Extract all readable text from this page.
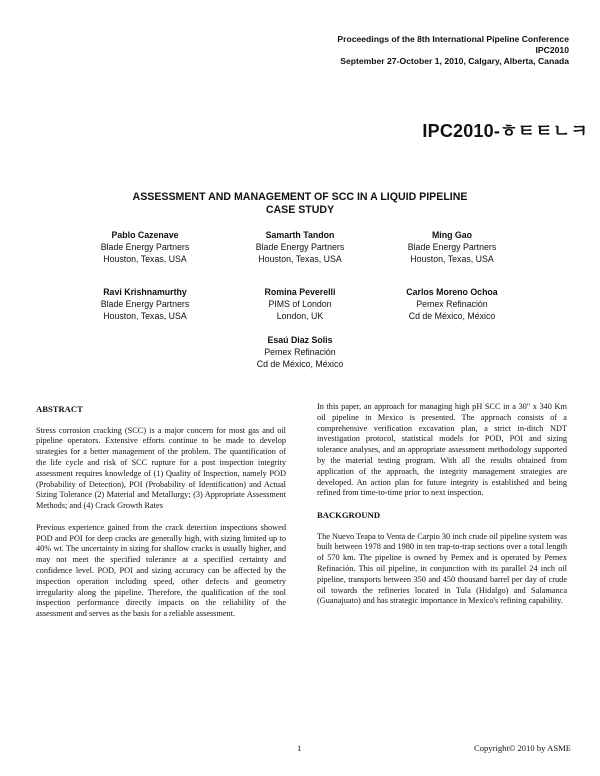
Proceedings of the 8th International Pipeline Conference
IPC2010
September 27-October 1, 2010, Calgary, Alberta, Canada
IPC2010-ㅎㅌㅌㄴㅋ
ASSESSMENT AND MANAGEMENT OF SCC IN A LIQUID PIPELINE
CASE STUDY
Pablo Cazenave
Blade Energy Partners
Houston, Texas, USA
Samarth Tandon
Blade Energy Partners
Houston, Texas, USA
Ming Gao
Blade Energy Partners
Houston, Texas, USA
Ravi Krishnamurthy
Blade Energy Partners
Houston, Texas, USA
Romina Peverelli
PIMS of London
London, UK
Carlos Moreno Ochoa
Pemex Refinación
Cd de México, México
Esaú Diaz Solis
Pemex Refinación
Cd de México, México
ABSTRACT

Stress corrosion cracking (SCC) is a major concern for most gas and oil pipeline operators. Extensive efforts continue to be made to develop strategies for a better management of the problem. The quantification of the life cycle and risk of SCC rupture for a post inspection integrity assessment requires knowledge of (1) Quality of Inspection, namely POD (Probability of Detection), POI (Probability of Identification) and Actual Sizing Tolerance (2) Material and Metallurgy; (3) Appropriate Assessment Methods; and (4) Crack Growth Rates

Previous experience gained from the crack detection inspections showed POD and POI for deep cracks are generally high, with sizing limited up to 40% wt. The uncertainty in sizing for shallow cracks is usually higher, and may not meet the specified tolerance at a specified certainty and confidence level. POD, POI and sizing accuracy can be affected by the inspection operation including speed, other defects and geometry irregularity along the pipeline. Therefore, the qualification of the tool inspection performance directly impacts on the reliability of the assessment and serves as the basis for a reliable assessment.

In this paper, an approach for managing high pH SCC in a 30" x 340 Km oil pipeline in Mexico is presented. The approach consists of a comprehensive verification excavation plan, a strict in-ditch NDT investigation protocol, statistical models for POD, POI and sizing tolerance analyses, and an appropriate assessment methodology supported by the material testing program. With all the results obtained from application of the approach, the integrity management strategies are developed. An action plan for future integrity is established and being refined from time-to-time prior to next inspection.

BACKGROUND

The Nuevo Teapa to Venta de Carpio 30 inch crude oil pipeline system was built between 1978 and 1980 in ten trap-to-trap sections over a total length of 570 km. The pipeline is owned by Pemex and is operated by Pemex Refinación. This oil pipeline, in conjunction with its parallel 24 inch oil pipeline, transports between 350 and 450 thousand barrel per day of crude oil towards the refineries located in Tula (Hidalgo) and Salamanca (Guanajuato) and has strategic importance in Mexico's refining capability.

1	Copyright© 2010 by ASME
